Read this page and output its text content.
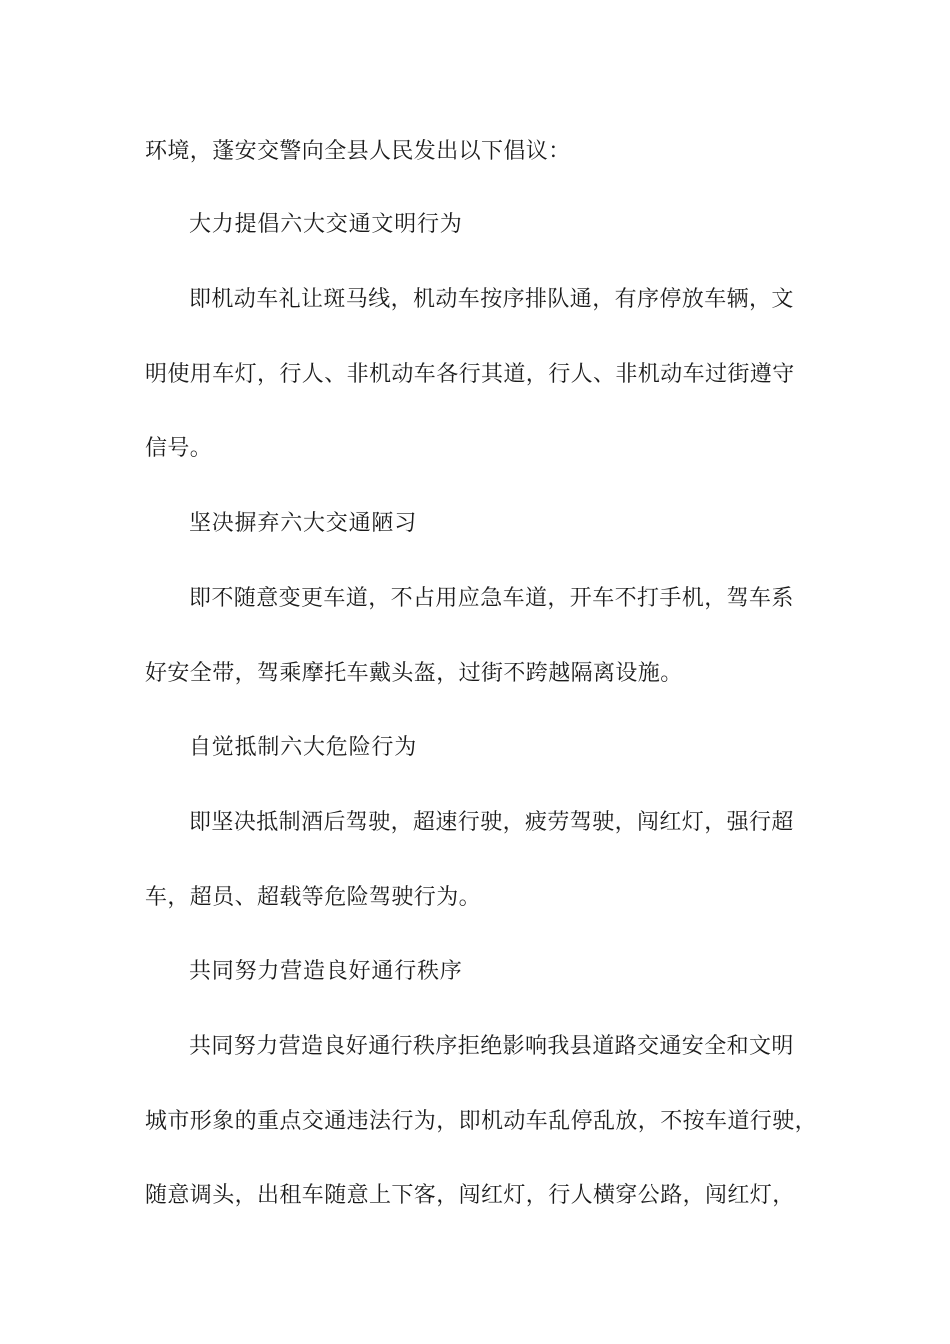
环境，蓬安交警向全县人民发出以下倡议：

大力提倡六大交通文明行为

即机动车礼让斑马线，机动车按序排队通，有序停放车辆，文

明使用车灯，行人、非机动车各行其道，行人、非机动车过街遵守

信号。

坚决摒弃六大交通陋习

即不随意变更车道，不占用应急车道，开车不打手机，驾车系

好安全带，驾乘摩托车戴头盔，过街不跨越隔离设施。

自觉抵制六大危险行为

即坚决抵制酒后驾驶，超速行驶，疲劳驾驶，闯红灯，强行超

车，超员、超载等危险驾驶行为。

共同努力营造良好通行秩序

共同努力营造良好通行秩序拒绝影响我县道路交通安全和文明

城市形象的重点交通违法行为，即机动车乱停乱放，不按车道行驶，

随意调头，出租车随意上下客，闯红灯，行人横穿公路，闯红灯，
